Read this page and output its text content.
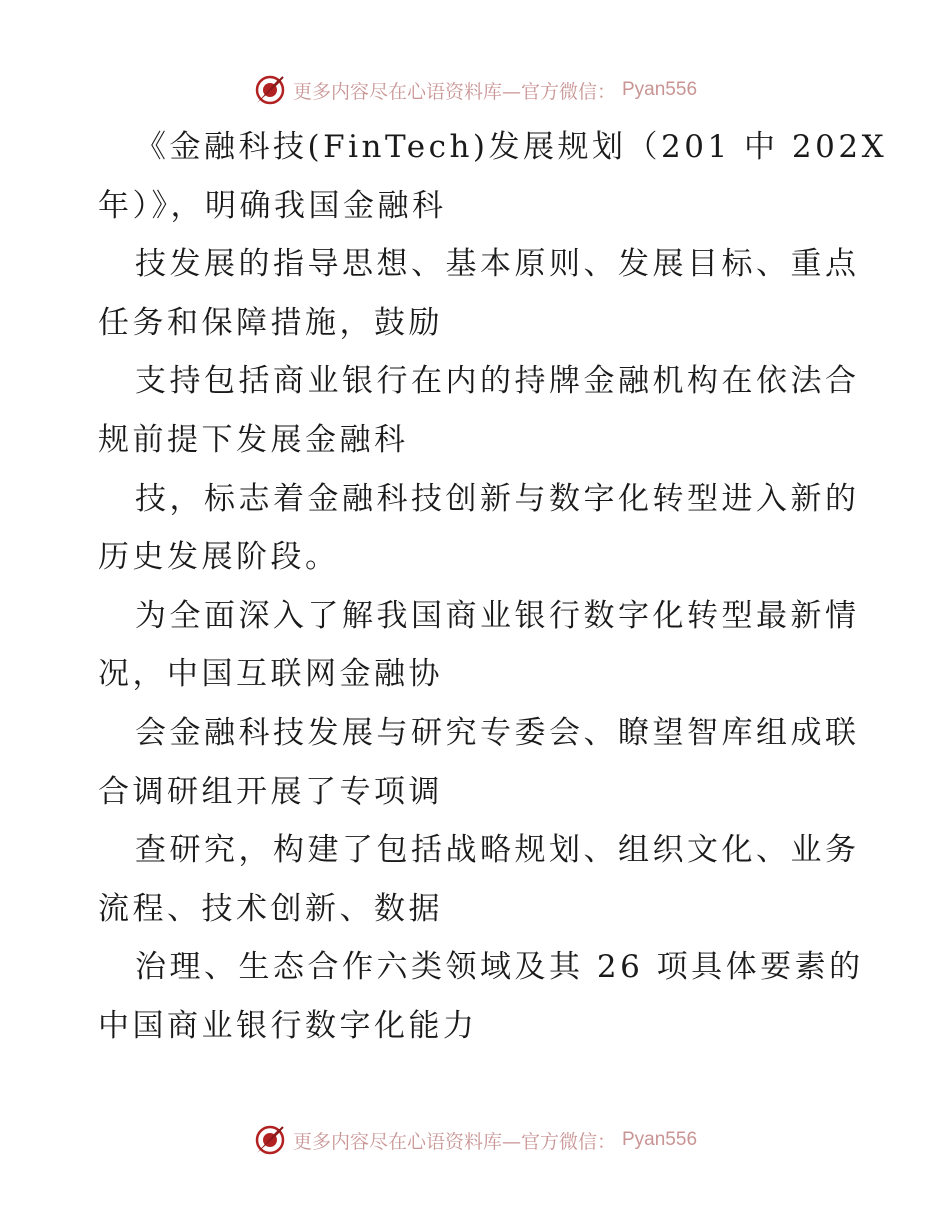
更多内容尽在心语资料库—官方微信： Pyan556
《金融科技(FinTech)发展规划（201 中 202X
年）》，明确我国金融科
技发展的指导思想、基本原则、发展目标、重点
任务和保障措施，鼓励
支持包括商业银行在内的持牌金融机构在依法合
规前提下发展金融科
技，标志着金融科技创新与数字化转型进入新的
历史发展阶段。
为全面深入了解我国商业银行数字化转型最新情
况，中国互联网金融协
会金融科技发展与研究专委会、瞭望智库组成联
合调研组开展了专项调
查研究，构建了包括战略规划、组织文化、业务
流程、技术创新、数据
治理、生态合作六类领域及其 26 项具体要素的
中国商业银行数字化能力
更多内容尽在心语资料库—官方微信： Pyan556
